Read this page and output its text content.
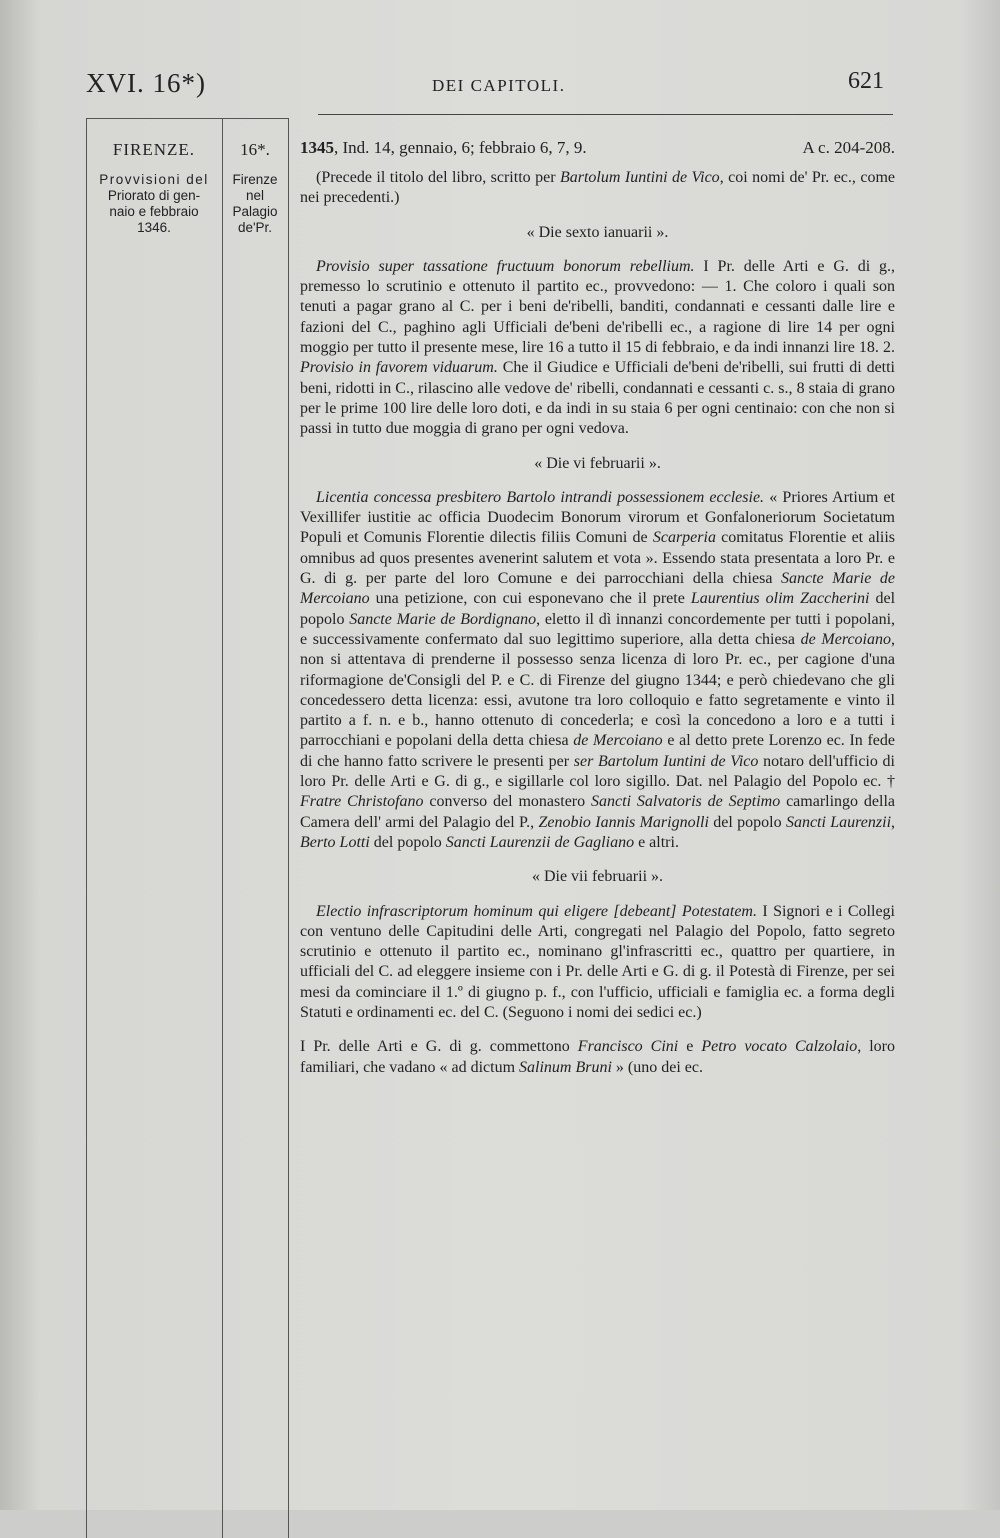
XVI. 16*)	DEI CAPITOLI.	621
FIRENZE.
Provvisioni del
Priorato di gen-
naio e febbraio
1346.
16*.
Firenze
nel
Palagio
de'Pr.
1345, Ind. 14, gennaio, 6; febbraio 6, 7, 9.	A c. 204-208.

(Precede il titolo del libro, scritto per Bartolum Iuntini de Vico, coi nomi de' Pr. ec., come nei precedenti.)

« Die sexto ianuarii ».

Provisio super tassatione fructuum bonorum rebellium. I Pr. delle Arti e G. di g., premesso lo scrutinio e ottenuto il partito ec., provvedono: — 1. Che coloro i quali son tenuti a pagar grano al C. per i beni de'ribelli, banditi, condannati e cessanti dalle lire e fazioni del C., paghino agli Ufficiali de'beni de'ribelli ec., a ragione di lire 14 per ogni moggio per tutto il presente mese, lire 16 a tutto il 15 di febbraio, e da indi innanzi lire 18. 2. Provisio in favorem viduarum. Che il Giudice e Ufficiali de'beni de'ribelli, sui frutti di detti beni, ridotti in C., rilascino alle vedove de' ribelli, condannati e cessanti c. s., 8 staia di grano per le prime 100 lire delle loro doti, e da indi in su staia 6 per ogni centinaio: con che non si passi in tutto due moggia di grano per ogni vedova.

« Die vi februarii ».

Licentia concessa presbitero Bartolo intrandi possessionem ecclesie. « Priores Artium et Vexillifer iustitie ac officia Duodecim Bonorum virorum et Gonfaloneriorum Societatum Populi et Comunis Florentie dilectis filiis Comuni de Scarperia comitatus Florentie et aliis omnibus ad quos presentes avenerint salutem et vota ». Essendo stata presentata a loro Pr. e G. di g. per parte del loro Comune e dei parrocchiani della chiesa Sancte Marie de Mercoiano una petizione, con cui esponevano che il prete Laurentius olim Zaccherini del popolo Sancte Marie de Bordignano, eletto il dì innanzi concordemente per tutti i popolani, e successivamente confermato dal suo legittimo superiore, alla detta chiesa de Mercoiano, non si attentava di prenderne il possesso senza licenza di loro Pr. ec., per cagione d'una riformagione de'Consigli del P. e C. di Firenze del giugno 1344; e però chiedevano che gli concedessero detta licenza: essi, avutone tra loro colloquio e fatto segretamente e vinto il partito a f. n. e b., hanno ottenuto di concederla; e così la concedono a loro e a tutti i parrocchiani e popolani della detta chiesa de Mercoiano e al detto prete Lorenzo ec. In fede di che hanno fatto scrivere le presenti per ser Bartolum Iuntini de Vico notaro dell'ufficio di loro Pr. delle Arti e G. di g., e sigillarle col loro sigillo. Dat. nel Palagio del Popolo ec. † Fratre Christofano converso del monastero Sancti Salvatoris de Septimo camarlingo della Camera dell' armi del Palagio del P., Zenobio Iannis Marignolli del popolo Sancti Laurenzii, Berto Lotti del popolo Sancti Laurenzii de Gagliano e altri.

« Die vii februarii ».

Electio infrascriptorum hominum qui eligere [debeant] Potestatem. I Signori e i Collegi con ventuno delle Capitudini delle Arti, congregati nel Palagio del Popolo, fatto segreto scrutinio e ottenuto il partito ec., nominano gl'infrascritti ec., quattro per quartiere, in ufficiali del C. ad eleggere insieme con i Pr. delle Arti e G. di g. il Potestà di Firenze, per sei mesi da cominciare il 1.º di giugno p. f., con l'ufficio, ufficiali e famiglia ec. a forma degli Statuti e ordinamenti ec. del C. (Seguono i nomi dei sedici ec.)

I Pr. delle Arti e G. di g. commettono Francisco Cini e Petro vocato Calzolaio, loro familiari, che vadano « ad dictum Salinum Bruni » (uno dei ec.
